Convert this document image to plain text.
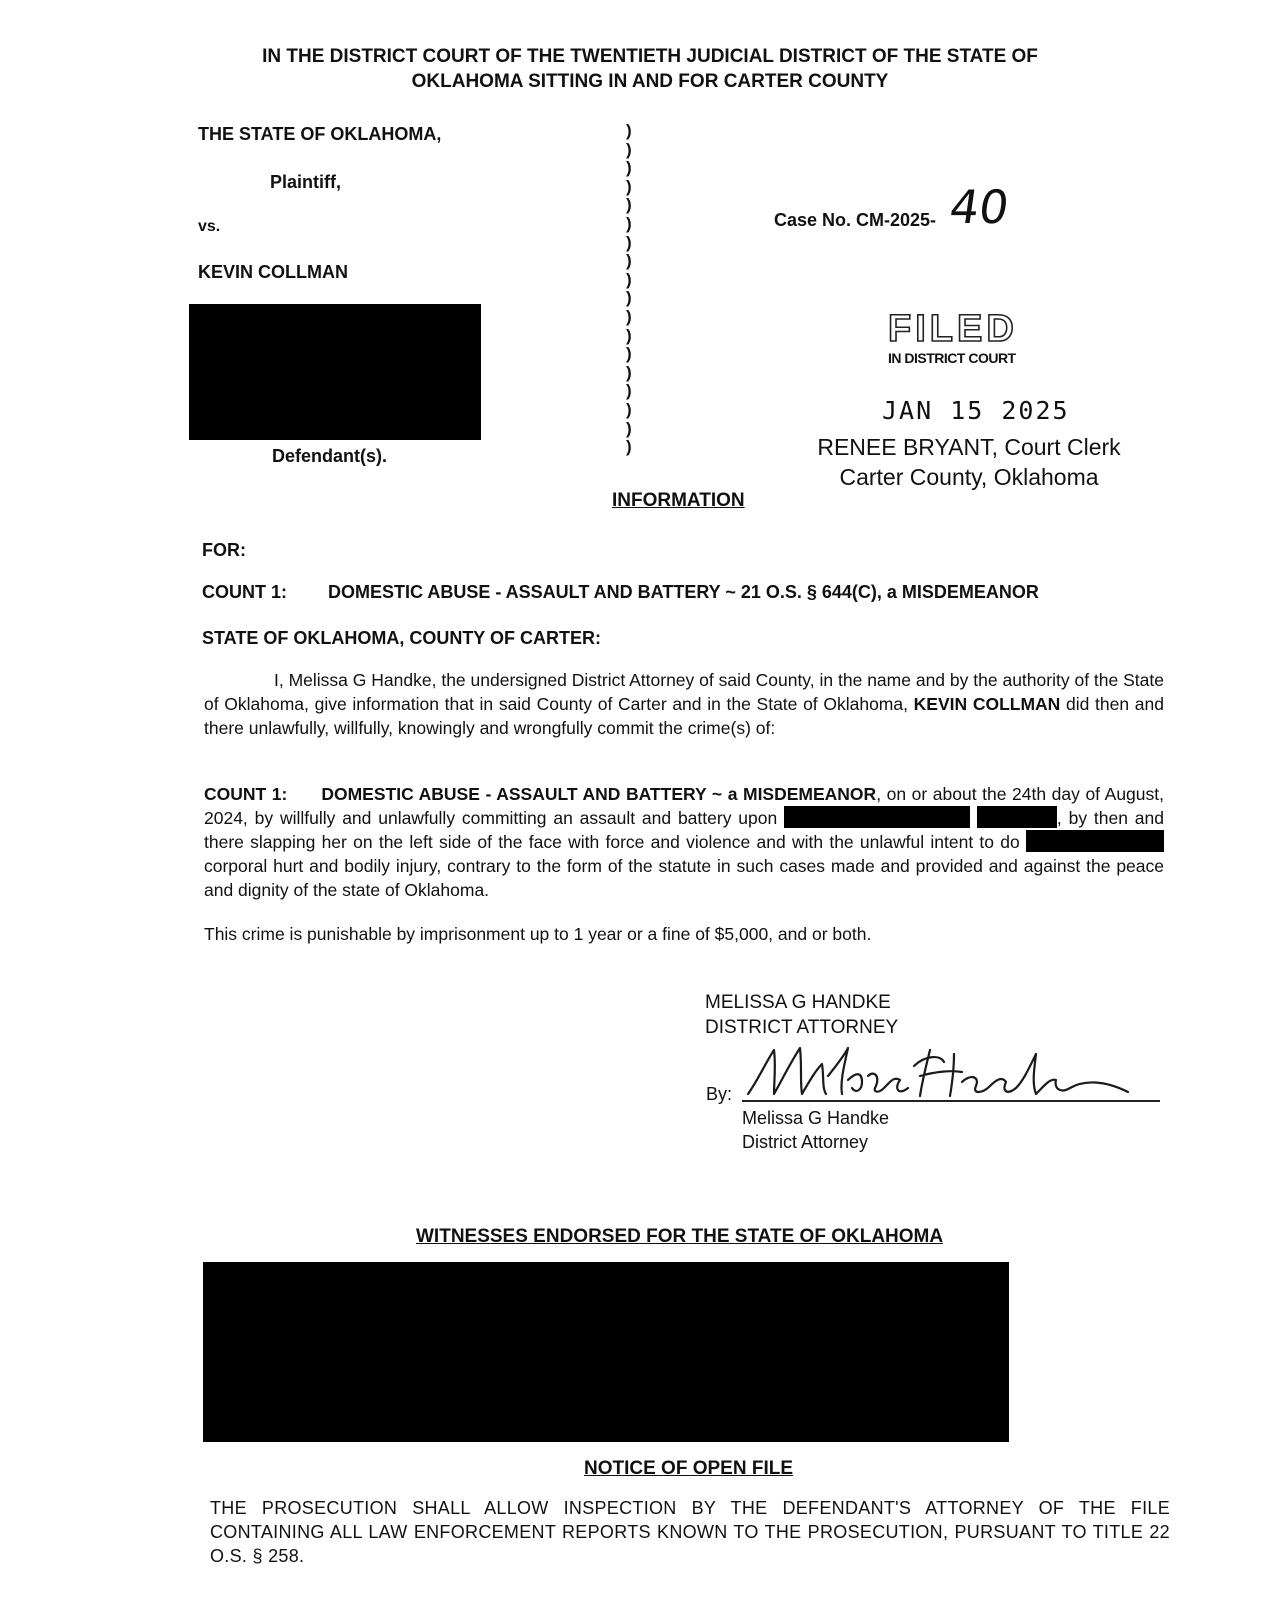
IN THE DISTRICT COURT OF THE TWENTIETH JUDICIAL DISTRICT OF THE STATE OF
OKLAHOMA SITTING IN AND FOR CARTER COUNTY
THE STATE OF OKLAHOMA,
Plaintiff,
vs.
KEVIN COLLMAN
Defendant(s).
)
)
)
)
)
)
)
)
)
)
)
)
)
)
)
)
)
)
Case No. CM-2025- 40
FILED
IN DISTRICT COURT
JAN 15 2025
RENEE BRYANT, Court Clerk
Carter County, Oklahoma
INFORMATION
FOR:
COUNT 1: DOMESTIC ABUSE - ASSAULT AND BATTERY ~ 21 O.S. § 644(C), a MISDEMEANOR
STATE OF OKLAHOMA, COUNTY OF CARTER:
I, Melissa G Handke, the undersigned District Attorney of said County, in the name and by the authority of the State of Oklahoma, give information that in said County of Carter and in the State of Oklahoma, KEVIN COLLMAN did then and there unlawfully, willfully, knowingly and wrongfully commit the crime(s) of:
COUNT 1: DOMESTIC ABUSE - ASSAULT AND BATTERY ~ a MISDEMEANOR, on or about the 24th day of August, 2024, by willfully and unlawfully committing an assault and battery upon	, by then and there slapping her on the left side of the face with force and violence and with the unlawful intent to do  corporal hurt and bodily injury, contrary to the form of the statute in such cases made and provided and against the peace and dignity of the state of Oklahoma.
This crime is punishable by imprisonment up to 1 year or a fine of $5,000, and or both.
MELISSA G HANDKE
DISTRICT ATTORNEY
By:
Melissa G Handke
District Attorney
WITNESSES ENDORSED FOR THE STATE OF OKLAHOMA
NOTICE OF OPEN FILE
THE PROSECUTION SHALL ALLOW INSPECTION BY THE DEFENDANT'S ATTORNEY OF THE FILE CONTAINING ALL LAW ENFORCEMENT REPORTS KNOWN TO THE PROSECUTION, PURSUANT TO TITLE 22 O.S. § 258.
